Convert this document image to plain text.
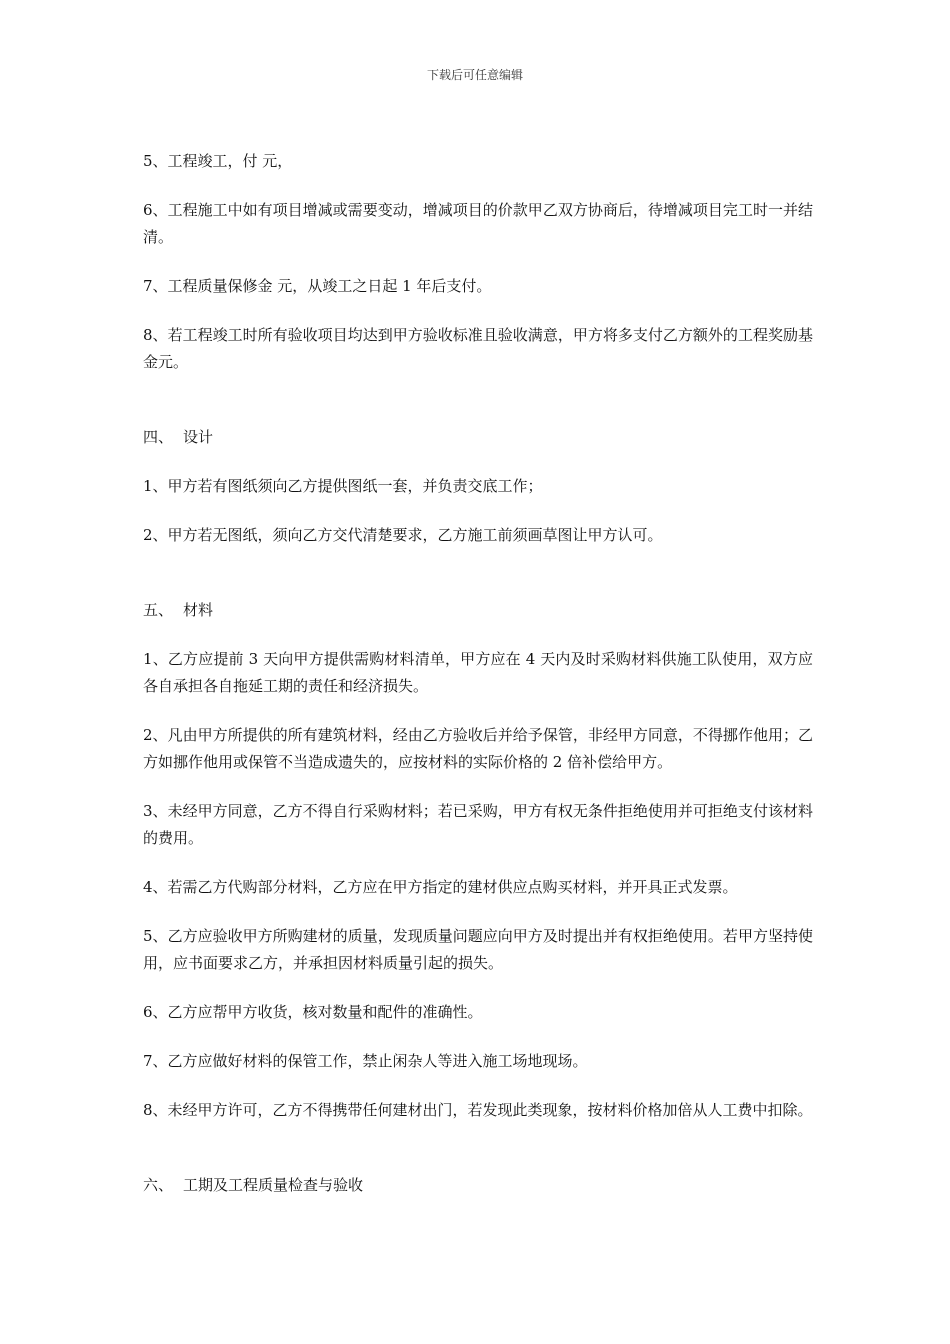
下载后可任意编辑

5、工程竣工，付 元，

6、工程施工中如有项目增减或需要变动，增减项目的价款甲乙双方协商后，待增减项目完工时一并结清。

7、工程质量保修金 元，从竣工之日起 1 年后支付。

8、若工程竣工时所有验收项目均达到甲方验收标准且验收满意，甲方将多支付乙方额外的工程奖励基金元。

四、 设计

1、甲方若有图纸须向乙方提供图纸一套，并负责交底工作；

2、甲方若无图纸，须向乙方交代清楚要求，乙方施工前须画草图让甲方认可。

五、 材料

1、乙方应提前 3 天向甲方提供需购材料清单，甲方应在 4 天内及时采购材料供施工队使用，双方应各自承担各自拖延工期的责任和经济损失。

2、凡由甲方所提供的所有建筑材料，经由乙方验收后并给予保管，非经甲方同意，不得挪作他用；乙方如挪作他用或保管不当造成遗失的，应按材料的实际价格的 2 倍补偿给甲方。

3、未经甲方同意，乙方不得自行采购材料；若已采购，甲方有权无条件拒绝使用并可拒绝支付该材料的费用。

4、若需乙方代购部分材料，乙方应在甲方指定的建材供应点购买材料，并开具正式发票。

5、乙方应验收甲方所购建材的质量，发现质量问题应向甲方及时提出并有权拒绝使用。若甲方坚持使用，应书面要求乙方，并承担因材料质量引起的损失。

6、乙方应帮甲方收货，核对数量和配件的准确性。

7、乙方应做好材料的保管工作，禁止闲杂人等进入施工场地现场。

8、未经甲方许可，乙方不得携带任何建材出门，若发现此类现象，按材料价格加倍从人工费中扣除。

六、 工期及工程质量检查与验收
